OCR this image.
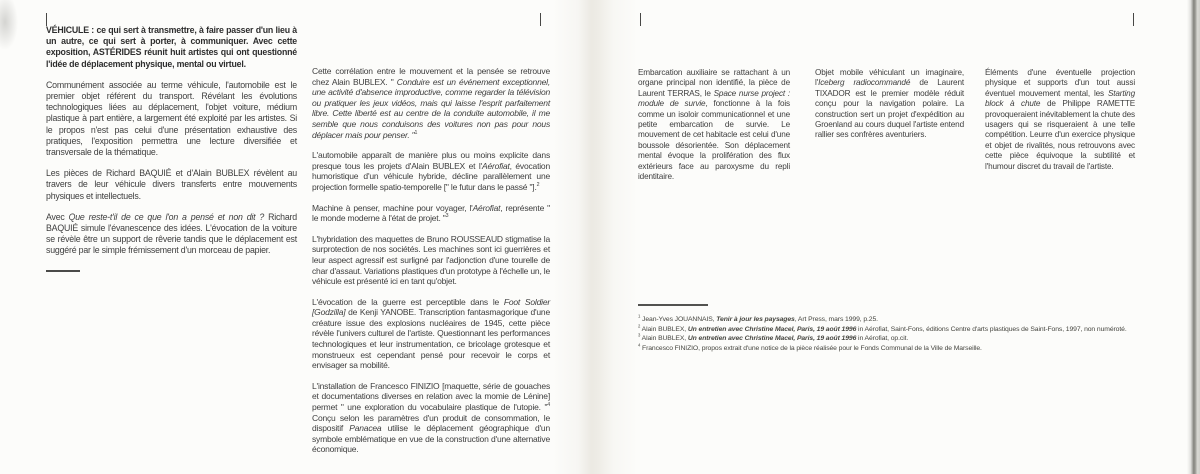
VÉHICULE : ce qui sert à transmettre, à faire passer d'un lieu à un autre, ce qui sert à porter, à communiquer. Avec cette exposition, ASTÉRIDES réunit huit artistes qui ont questionné l'idée de déplacement physique, mental ou virtuel.

Communément associée au terme véhicule, l'automobile est le premier objet référent du transport. Révélant les évolutions technologiques liées au déplacement, l'objet voiture, médium plastique à part entière, a largement été exploité par les artistes. Si le propos n'est pas celui d'une présentation exhaustive des pratiques, l'exposition permettra une lecture diversifiée et transversale de la thématique.

Les pièces de Richard BAQUIÉ et d'Alain BUBLEX révèlent au travers de leur véhicule divers transferts entre mouvements physiques et intellectuels.

Avec Que reste-t'il de ce que l'on a pensé et non dit ? Richard BAQUIÉ simule l'évanescence des idées. L'évocation de la voiture se révèle être un support de rêverie tandis que le déplacement est suggéré par le simple frémissement d'un morceau de papier.

Cette corrélation entre le mouvement et la pensée se retrouve chez Alain BUBLEX. " Conduire est un événement exceptionnel, une activité d'absence improductive, comme regarder la télévision ou pratiquer les jeux vidéos, mais qui laisse l'esprit parfaitement libre. Cette liberté est au centre de la conduite automobile, il me semble que nous conduisons des voitures non pas pour nous déplacer mais pour penser. "$^1$

L'automobile apparaît de manière plus ou moins explicite dans presque tous les projets d'Alain BUBLEX et l'Aérofiat, évocation humoristique d'un véhicule hybride, décline parallèlement une projection formelle spatio-temporelle [" le futur dans le passé "].$^2$

Machine à penser, machine pour voyager, l'Aérofiat, représente " le monde moderne à l'état de projet. "$^3$

L'hybridation des maquettes de Bruno ROUSSEAUD stigmatise la surprotection de nos sociétés. Les machines sont ici guerrières et leur aspect agressif est surligné par l'adjonction d'une tourelle de char d'assaut. Variations plastiques d'un prototype à l'échelle un, le véhicule est présenté ici en tant qu'objet.

L'évocation de la guerre est perceptible dans le Foot Soldier [Godzilla] de Kenji YANOBE. Transcription fantasmagorique d'une créature issue des explosions nucléaires de 1945, cette pièce révèle l'univers culturel de l'artiste. Questionnant les performances technologiques et leur instrumentation, ce bricolage grotesque et monstrueux est cependant pensé pour recevoir le corps et envisager sa mobilité.

L'installation de Francesco FINIZIO [maquette, série de gouaches et documentations diverses en relation avec la momie de Lénine] permet " une exploration du vocabulaire plastique de l'utopie. "$^4$ Conçu selon les paramètres d'un produit de consommation, le dispositif Panacea utilise le déplacement géographique d'un symbole emblématique en vue de la construction d'une alternative économique.

Embarcation auxiliaire se rattachant à un organe principal non identifié, la pièce de Laurent TERRAS, le Space nurse project : module de survie, fonctionne à la fois comme un isoloir communicationnel et une petite embarcation de survie. Le mouvement de cet habitacle est celui d'une boussole désorientée. Son déplacement mental évoque la prolifération des flux extérieurs face au paroxysme du repli identitaire.

Objet mobile véhiculant un imaginaire, l'Iceberg radiocommandé de Laurent TIXADOR est le premier modèle réduit conçu pour la navigation polaire. La construction sert un projet d'expédition au Groenland au cours duquel l'artiste entend rallier ses confrères aventuriers.

Éléments d'une éventuelle projection physique et supports d'un tout aussi éventuel mouvement mental, les Starting block à chute de Philippe RAMETTE provoqueraient inévitablement la chute des usagers qui se risqueraient à une telle compétition. Leurre d'un exercice physique et objet de rivalités, nous retrouvons avec cette pièce équivoque la subtilité et l'humour discret du travail de l'artiste.

$^1$ Jean-Yves JOUANNAIS, Tenir à jour les paysages, Art Press, mars 1999, p.25.

$^2$ Alain BUBLEX, Un entretien avec Christine Macel, Paris, 19 août 1996 in Aérofiat, Saint-Fons, éditions Centre d'arts plastiques de Saint-Fons, 1997, non numéroté.

$^3$ Alain BUBLEX, Un entretien avec Christine Macel, Paris, 19 août 1996 in Aérofiat, op.cit.

$^4$ Francesco FINIZIO, propos extrait d'une notice de la pièce réalisée pour le Fonds Communal de la Ville de Marseille.
